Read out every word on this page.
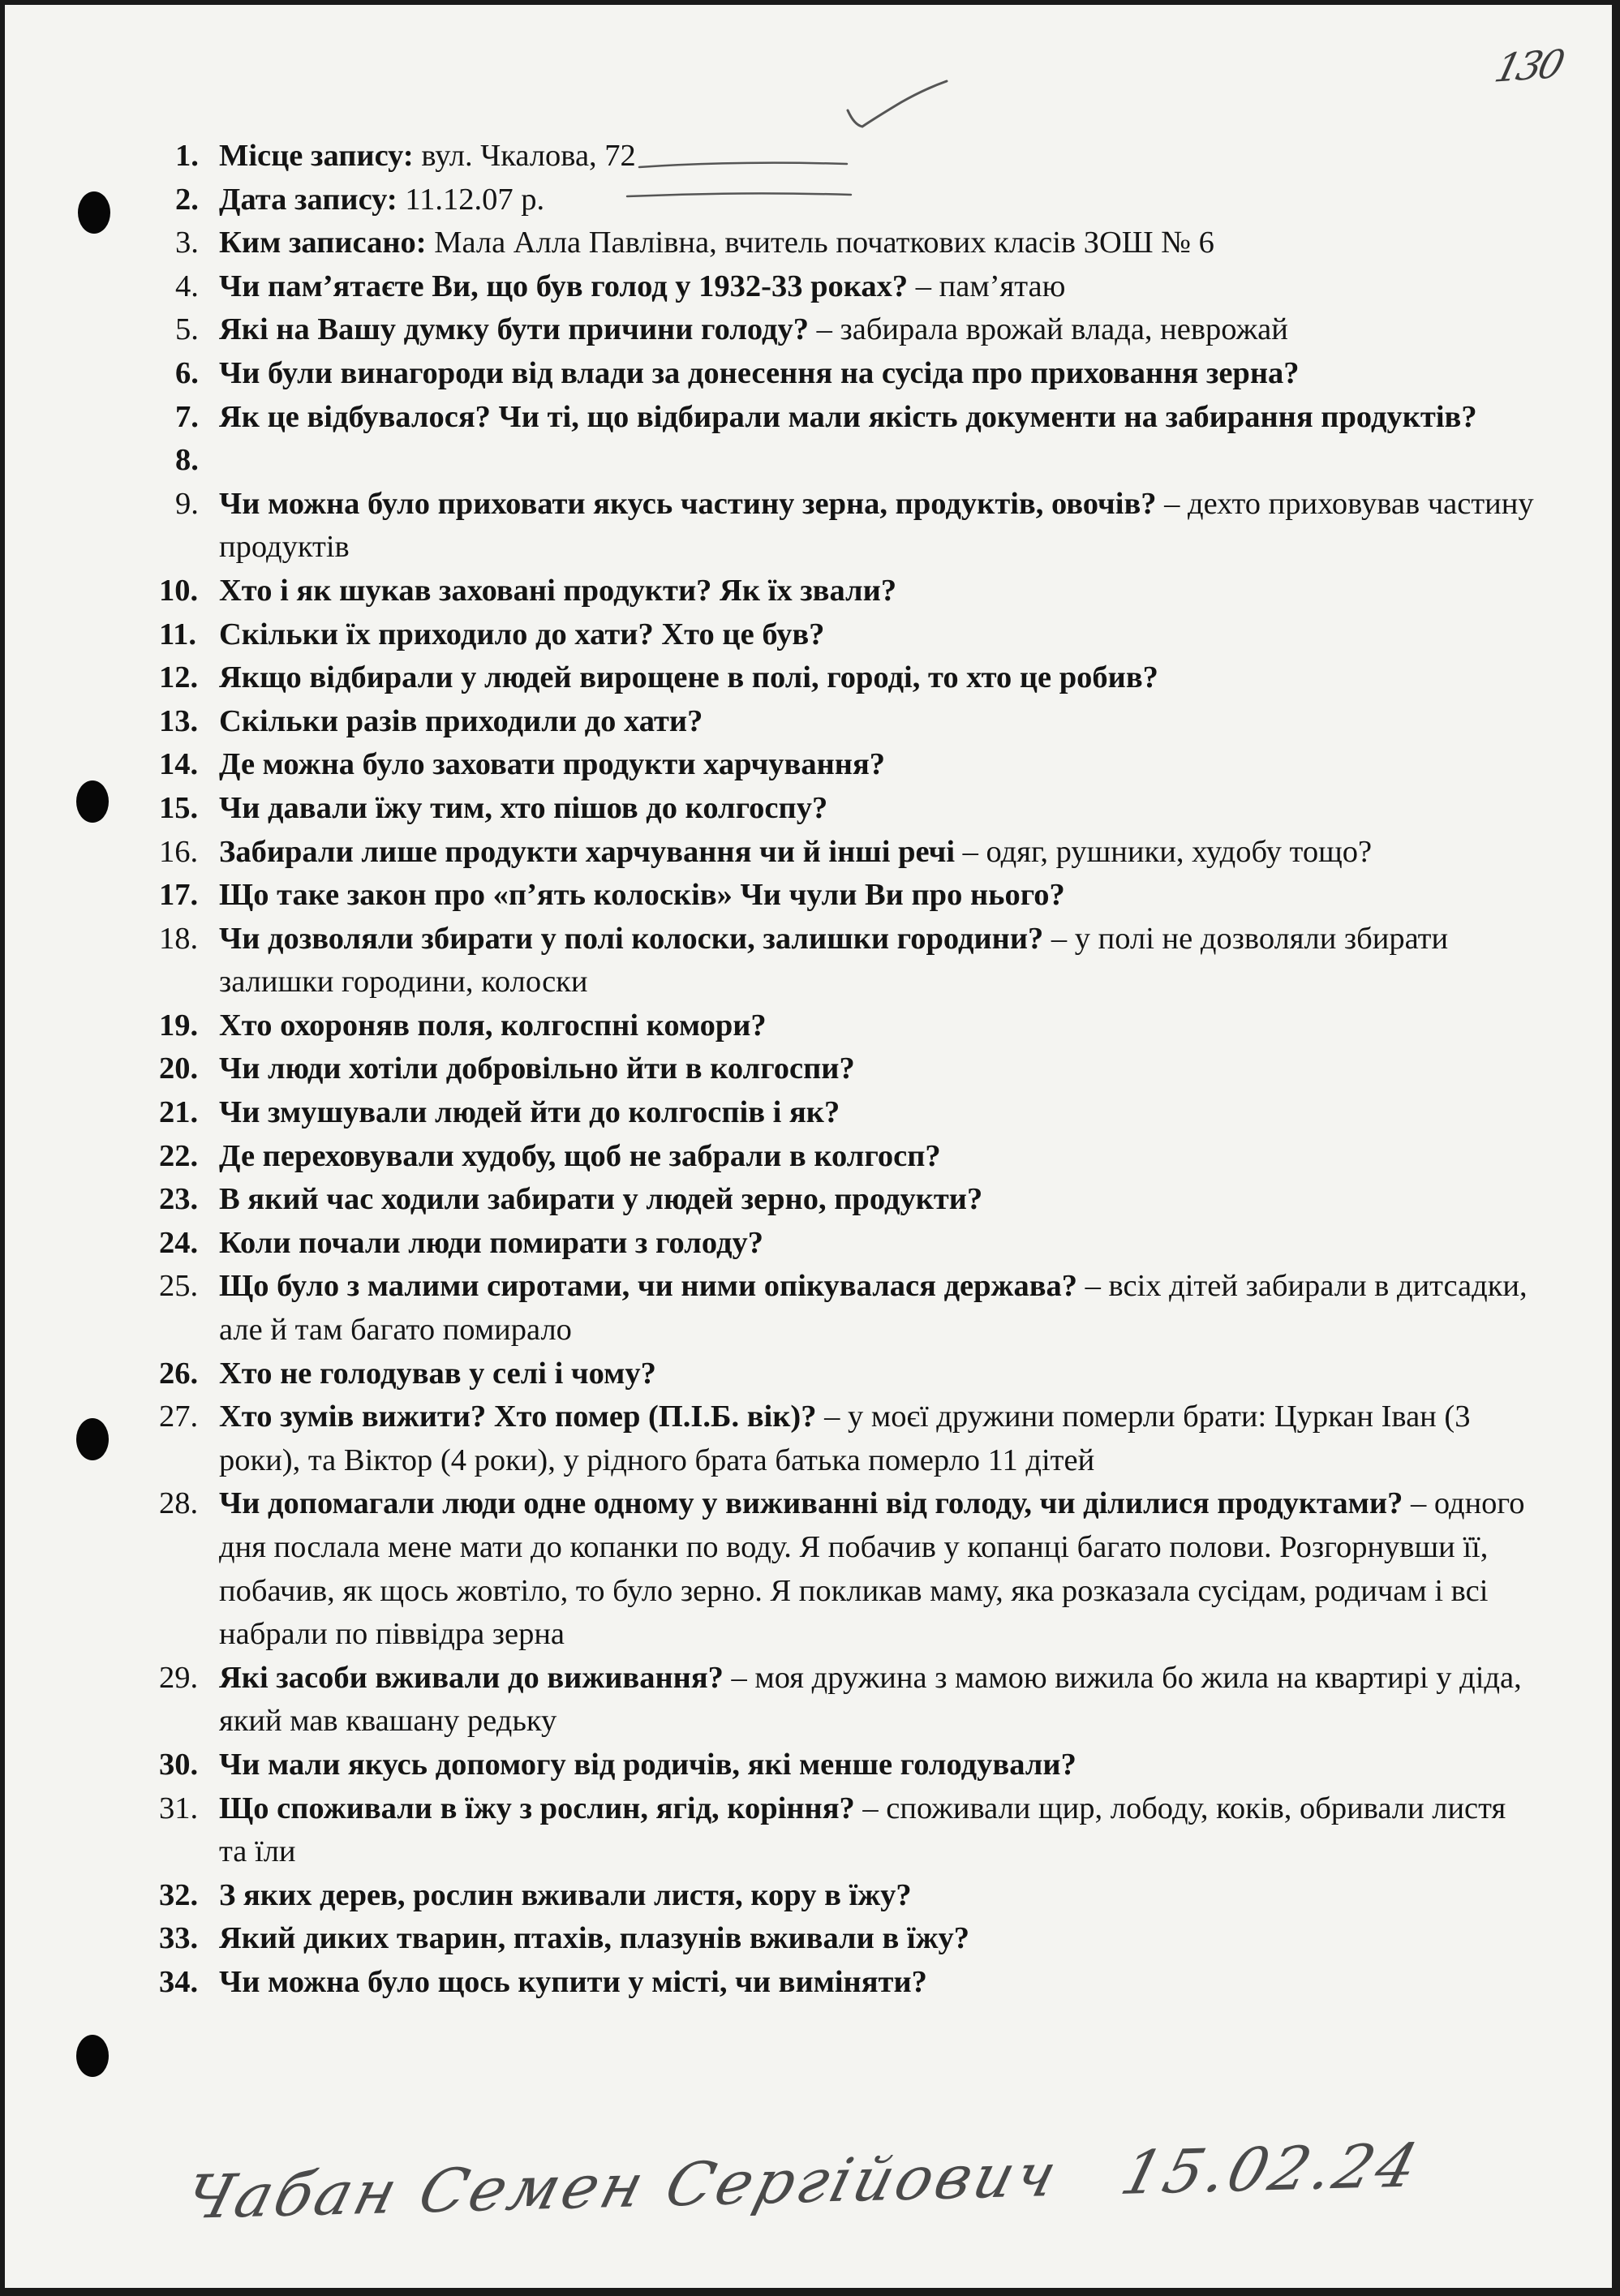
130
1. Місце запису: вул. Чкалова, 72
2. Дата запису: 11.12.07 р.
3. Ким записано: Мала Алла Павлівна, вчитель початкових класів ЗОШ № 6
4. Чи пам’ятаєте Ви, що був голод у 1932-33 роках? – пам’ятаю
5. Які на Вашу думку бути причини голоду? – забирала врожай влада, неврожай
6. Чи були винагороди від влади за донесення на сусіда про приховання зерна?
7. Як це відбувалося? Чи ті, що відбирали мали якість документи на забирання продуктів?
8.
9. Чи можна було приховати якусь частину зерна, продуктів, овочів? – дехто приховував частину продуктів
10. Хто і як шукав заховані продукти? Як їх звали?
11. Скільки їх приходило до хати? Хто це був?
12. Якщо відбирали у людей вирощене в полі, городі, то хто це робив?
13. Скільки разів приходили до хати?
14. Де можна було заховати продукти харчування?
15. Чи давали їжу тим, хто пішов до колгоспу?
16. Забирали лише продукти харчування чи й інші речі – одяг, рушники, худобу тощо?
17. Що таке закон про «п’ять колосків» Чи чули Ви про нього?
18. Чи дозволяли збирати у полі колоски, залишки городини? – у полі не дозволяли збирати залишки городини, колоски
19. Хто охороняв поля, колгоспні комори?
20. Чи люди хотіли добровільно йти в колгоспи?
21. Чи змушували людей йти до колгоспів і як?
22. Де переховували худобу, щоб не забрали в колгосп?
23. В який час ходили забирати у людей зерно, продукти?
24. Коли почали люди помирати з голоду?
25. Що було з малими сиротами, чи ними опікувалася держава? – всіх дітей забирали в дитсадки, але й там багато помирало
26. Хто не голодував у селі і чому?
27. Хто зумів вижити? Хто помер (П.І.Б. вік)? – у моєї дружини померли брати: Цуркан Іван (3 роки), та Віктор (4 роки), у рідного брата батька померло 11 дітей
28. Чи допомагали люди одне одному у виживанні від голоду, чи ділилися продуктами? – одного дня послала мене мати до копанки по воду. Я побачив у копанці багато полови. Розгорнувши її, побачив, як щось жовтіло, то було зерно. Я покликав маму, яка розказала сусідам, родичам і всі набрали по піввідра зерна
29. Які засоби вживали до виживання? – моя дружина з мамою вижила бо жила на квартирі у діда, який мав квашану редьку
30. Чи мали якусь допомогу від родичів, які менше голодували?
31. Що споживали в їжу з рослин, ягід, коріння? – споживали щир, лободу, коків, обривали листя та їли
32. З яких дерев, рослин вживали листя, кору в їжу?
33. Який диких тварин, птахів, плазунів вживали в їжу?
34. Чи можна було щось купити у місті, чи виміняти?
Чабан Семен Сергійович 15.02.24
